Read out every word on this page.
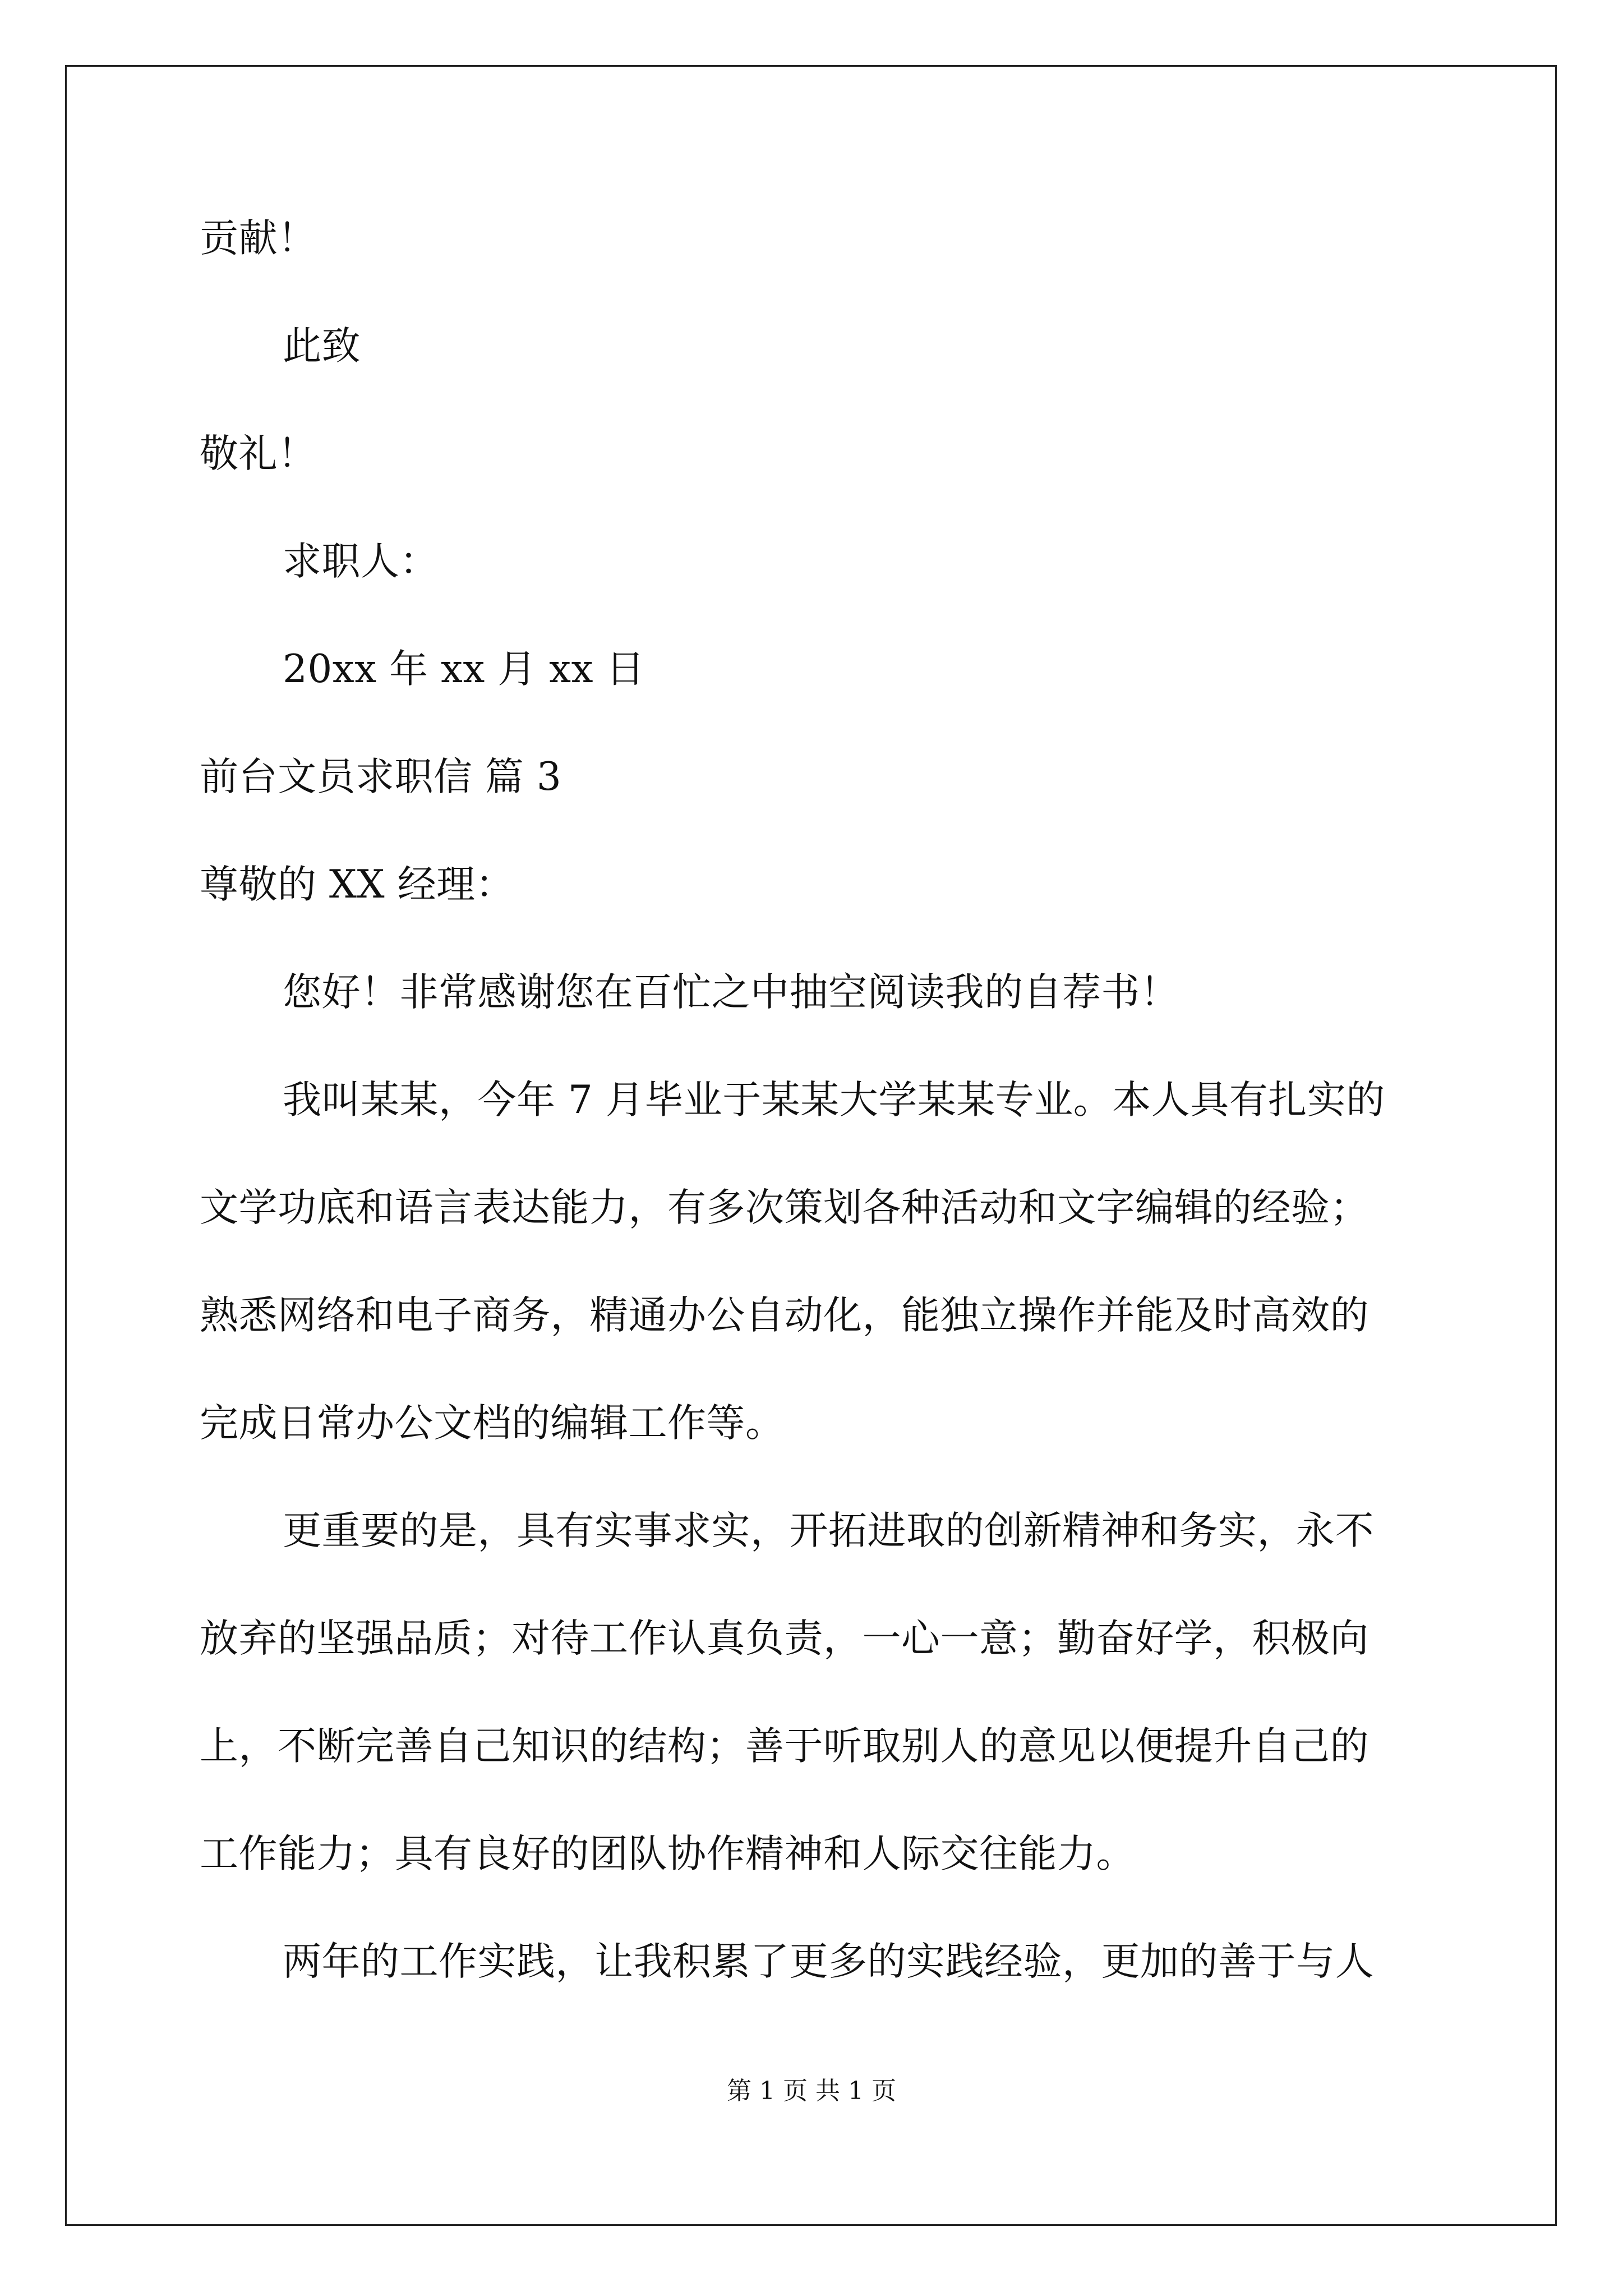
贡献！
此致
敬礼！
求职人：
20xx 年 xx 月 xx 日
前台文员求职信 篇 3
尊敬的 XX 经理：
您好！非常感谢您在百忙之中抽空阅读我的自荐书！
我叫某某，今年 7 月毕业于某某大学某某专业。本人具有扎实的
文学功底和语言表达能力，有多次策划各种活动和文字编辑的经验；
熟悉网络和电子商务，精通办公自动化，能独立操作并能及时高效的
完成日常办公文档的编辑工作等。
更重要的是，具有实事求实，开拓进取的创新精神和务实，永不
放弃的坚强品质；对待工作认真负责，一心一意；勤奋好学，积极向
上，不断完善自己知识的结构；善于听取别人的意见以便提升自己的
工作能力；具有良好的团队协作精神和人际交往能力。
两年的工作实践，让我积累了更多的实践经验，更加的善于与人
第 1 页 共 1 页
